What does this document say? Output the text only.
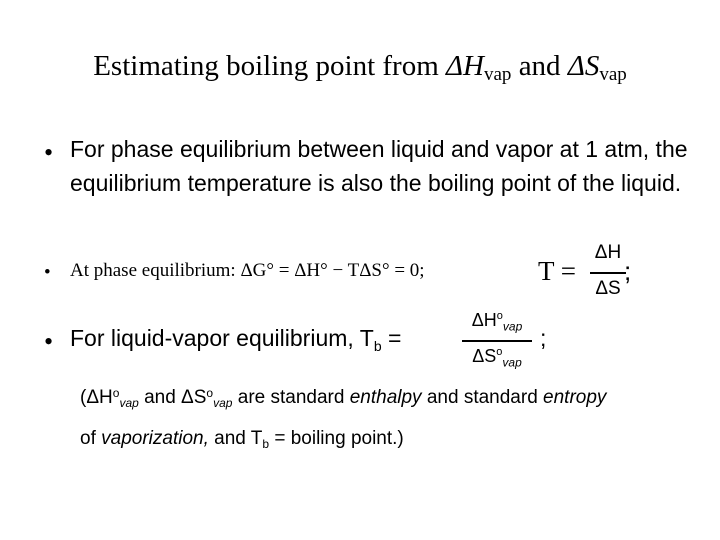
Estimating boiling point from $\Delta H_{vap}$ and $\Delta S_{vap}$
• For phase equilibrium between liquid and vapor at 1 atm, the equilibrium temperature is also the boiling point of the liquid.
• At phase equilibrium: ΔG° = ΔH° − TΔS° = 0;	T =
ΔH
ΔS
;
• For liquid-vapor equilibrium, $T_b$ =
$\Delta H^o_{vap}$
$\Delta S^o_{vap}$
;
($\Delta H^o_{vap}$ and $\Delta S^o_{vap}$ are standard enthalpy and standard entropy
of vaporization, and $T_b$ = boiling point.)
